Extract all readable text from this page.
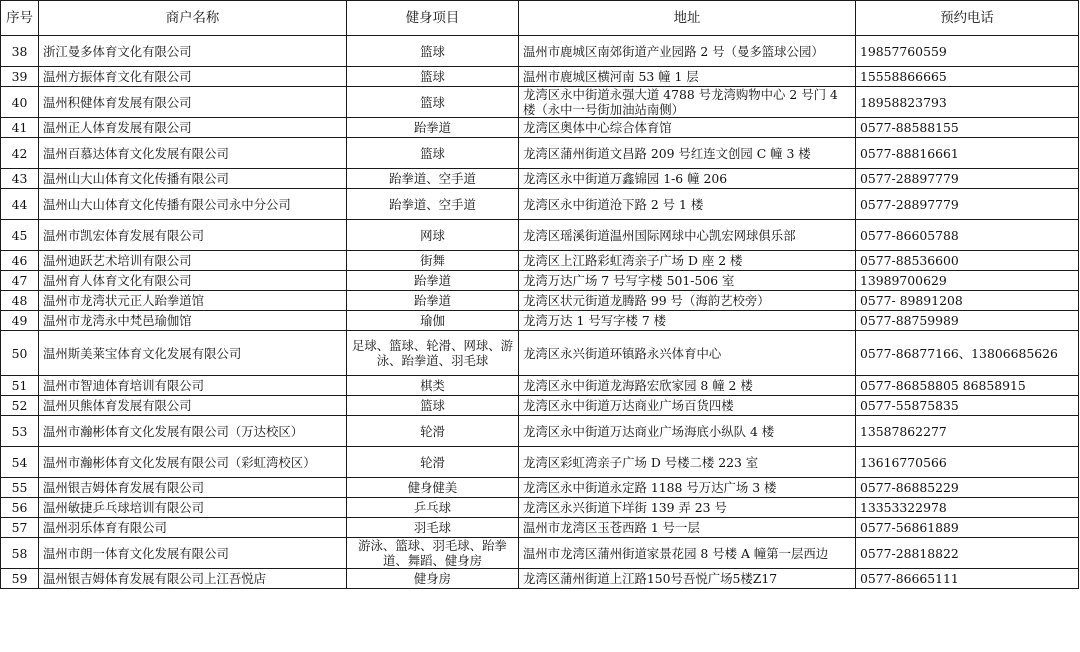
序号	商户名称	健身项目	地址	预约电话
38	浙江曼多体育文化有限公司	篮球	温州市鹿城区南郊街道产业园路 2 号（曼多篮球公园）	19857760559
39	温州方振体育文化有限公司	篮球	温州市鹿城区横河南 53 幢 1 层	15558866665
40	温州积健体育发展有限公司	篮球	龙湾区永中街道永强大道 4788 号龙湾购物中心 2 号门 4 楼（永中一号街加油站南侧）	18958823793
41	温州正人体育发展有限公司	跆拳道	龙湾区奥体中心综合体育馆	0577-88588155
42	温州百慕达体育文化发展有限公司	篮球	龙湾区蒲州街道文昌路 209 号红连文创园 C 幢 3 楼	0577-88816661
43	温州山大山体育文化传播有限公司	跆拳道、空手道	龙湾区永中街道万鑫锦园 1-6 幢 206	0577-28897779
44	温州山大山体育文化传播有限公司永中分公司	跆拳道、空手道	龙湾区永中街道沧下路 2 号 1 楼	0577-28897779
45	温州市凯宏体育发展有限公司	网球	龙湾区瑶溪街道温州国际网球中心凯宏网球俱乐部	0577-86605788
46	温州迪跃艺术培训有限公司	街舞	龙湾区上江路彩虹湾亲子广场 D 座 2 楼	0577-88536600
47	温州育人体育文化有限公司	跆拳道	龙湾万达广场 7 号写字楼 501-506 室	13989700629
48	温州市龙湾状元正人跆拳道馆	跆拳道	龙湾区状元街道龙腾路 99 号（海韵艺校旁）	0577- 89891208
49	温州市龙湾永中梵邑瑜伽馆	瑜伽	龙湾万达 1 号写字楼 7 楼	0577-88759989
50	温州斯美莱宝体育文化发展有限公司	足球、篮球、轮滑、网球、游泳、跆拳道、羽毛球	龙湾区永兴街道环镇路永兴体育中心	0577-86877166、13806685626
51	温州市智迪体育培训有限公司	棋类	龙湾区永中街道龙海路宏欣家园 8 幢 2 楼	0577-86858805 86858915
52	温州贝熊体育发展有限公司	篮球	龙湾区永中街道万达商业广场百货四楼	0577-55875835
53	温州市瀚彬体育文化发展有限公司（万达校区）	轮滑	龙湾区永中街道万达商业广场海底小纵队 4 楼	13587862277
54	温州市瀚彬体育文化发展有限公司（彩虹湾校区）	轮滑	龙湾区彩虹湾亲子广场 D 号楼二楼 223 室	13616770566
55	温州银吉姆体育发展有限公司	健身健美	龙湾区永中街道永定路 1188 号万达广场 3 楼	0577-86885229
56	温州敏捷乒乓球培训有限公司	乒乓球	龙湾区永兴街道下垟街 139 弄 23 号	13353322978
57	温州羽乐体育有限公司	羽毛球	温州市龙湾区玉苍西路 1 号一层	0577-56861889
58	温州市朗一体育文化发展有限公司	游泳、篮球、羽毛球、跆拳道、舞蹈、健身房	温州市龙湾区蒲州街道家景花园 8 号楼 A 幢第一层西边	0577-28818822
59	温州银吉姆体育发展有限公司上江吾悦店	健身房	龙湾区蒲州街道上江路150号吾悦广场5楼Z17	0577-86665111
